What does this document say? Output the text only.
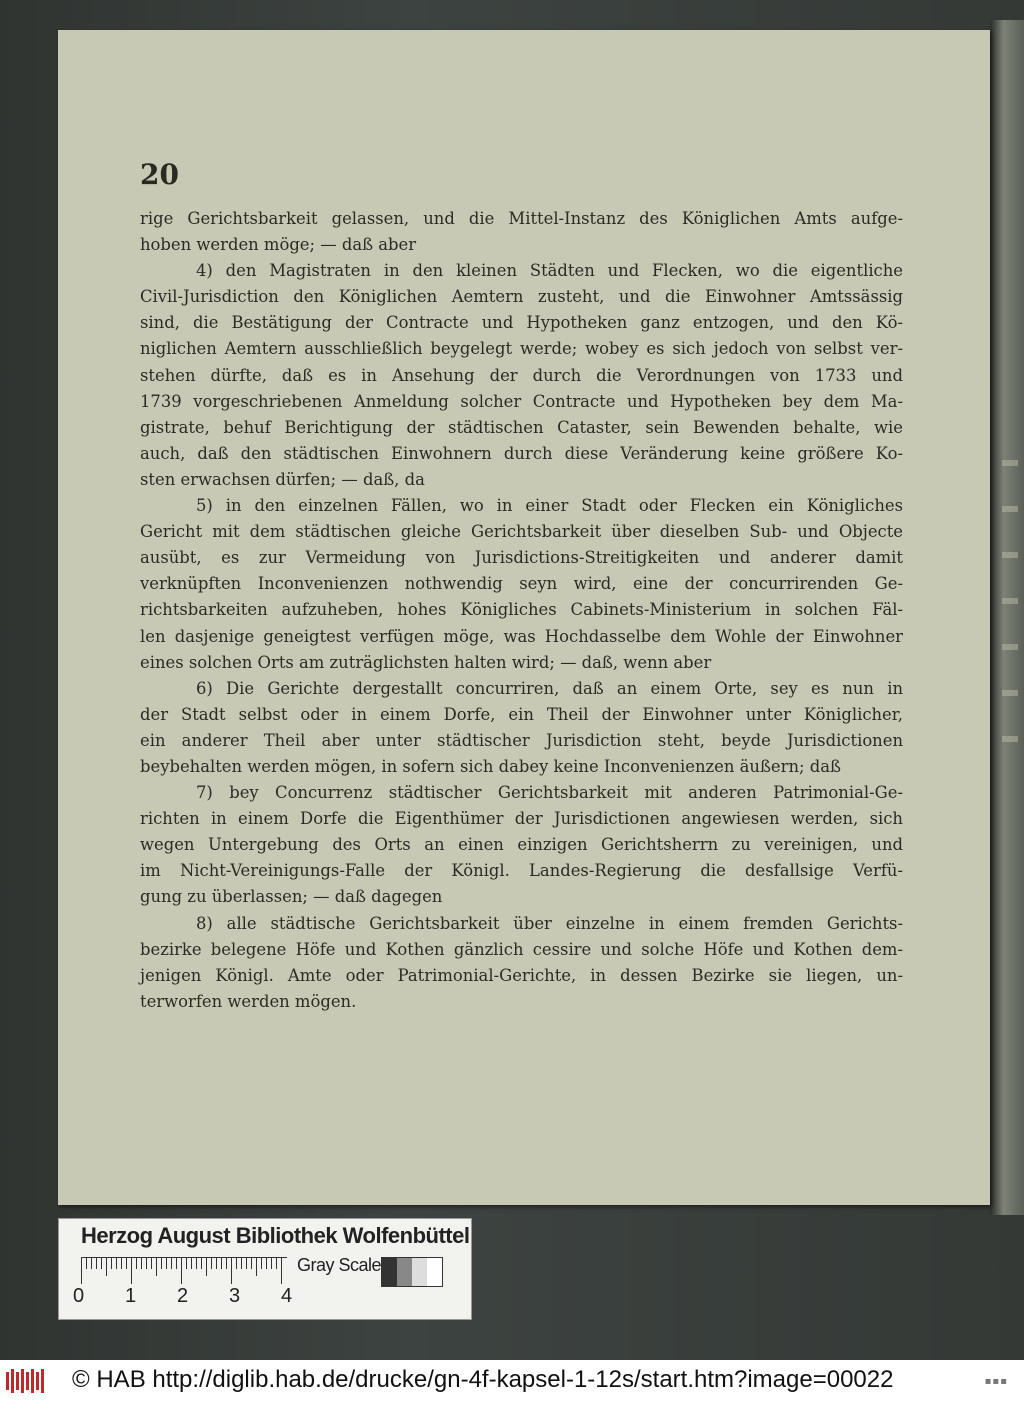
20
rige Gerichtsbarkeit gelassen, und die Mittel-Instanz des Königlichen Amts aufge-
hoben werden möge; — daß aber
4) den Magistraten in den kleinen Städten und Flecken, wo die eigentliche
Civil-Jurisdiction den Königlichen Aemtern zusteht, und die Einwohner Amtssässig
sind, die Bestätigung der Contracte und Hypotheken ganz entzogen, und den Kö-
niglichen Aemtern ausschließlich beygelegt werde; wobey es sich jedoch von selbst ver-
stehen dürfte, daß es in Ansehung der durch die Verordnungen von 1733 und
1739 vorgeschriebenen Anmeldung solcher Contracte und Hypotheken bey dem Ma-
gistrate, behuf Berichtigung der städtischen Cataster, sein Bewenden behalte, wie
auch, daß den städtischen Einwohnern durch diese Veränderung keine größere Ko-
sten erwachsen dürfen; — daß, da
5) in den einzelnen Fällen, wo in einer Stadt oder Flecken ein Königliches
Gericht mit dem städtischen gleiche Gerichtsbarkeit über dieselben Sub- und Objecte
ausübt, es zur Vermeidung von Jurisdictions-Streitigkeiten und anderer damit
verknüpften Inconvenienzen nothwendig seyn wird, eine der concurrirenden Ge-
richtsbarkeiten aufzuheben, hohes Königliches Cabinets-Ministerium in solchen Fäl-
len dasjenige geneigtest verfügen möge, was Hochdasselbe dem Wohle der Einwohner
eines solchen Orts am zuträglichsten halten wird; — daß, wenn aber
6) Die Gerichte dergestallt concurriren, daß an einem Orte, sey es nun in
der Stadt selbst oder in einem Dorfe, ein Theil der Einwohner unter Königlicher,
ein anderer Theil aber unter städtischer Jurisdiction steht, beyde Jurisdictionen
beybehalten werden mögen, in sofern sich dabey keine Inconvenienzen äußern; daß
7) bey Concurrenz städtischer Gerichtsbarkeit mit anderen Patrimonial-Ge-
richten in einem Dorfe die Eigenthümer der Jurisdictionen angewiesen werden, sich
wegen Untergebung des Orts an einen einzigen Gerichtsherrn zu vereinigen, und
im Nicht-Vereinigungs-Falle der Königl. Landes-Regierung die desfallsige Verfü-
gung zu überlassen; — daß dagegen
8) alle städtische Gerichtsbarkeit über einzelne in einem fremden Gerichts-
bezirke belegene Höfe und Kothen gänzlich cessire und solche Höfe und Kothen dem-
jenigen Königl. Amte oder Patrimonial-Gerichte, in dessen Bezirke sie liegen, un-
terworfen werden mögen.
Herzog August Bibliothek Wolfenbüttel
0 1 2 3 4
Gray Scale
© HAB http://diglib.hab.de/drucke/gn-4f-kapsel-1-12s/start.htm?image=00022	▪▪▪
